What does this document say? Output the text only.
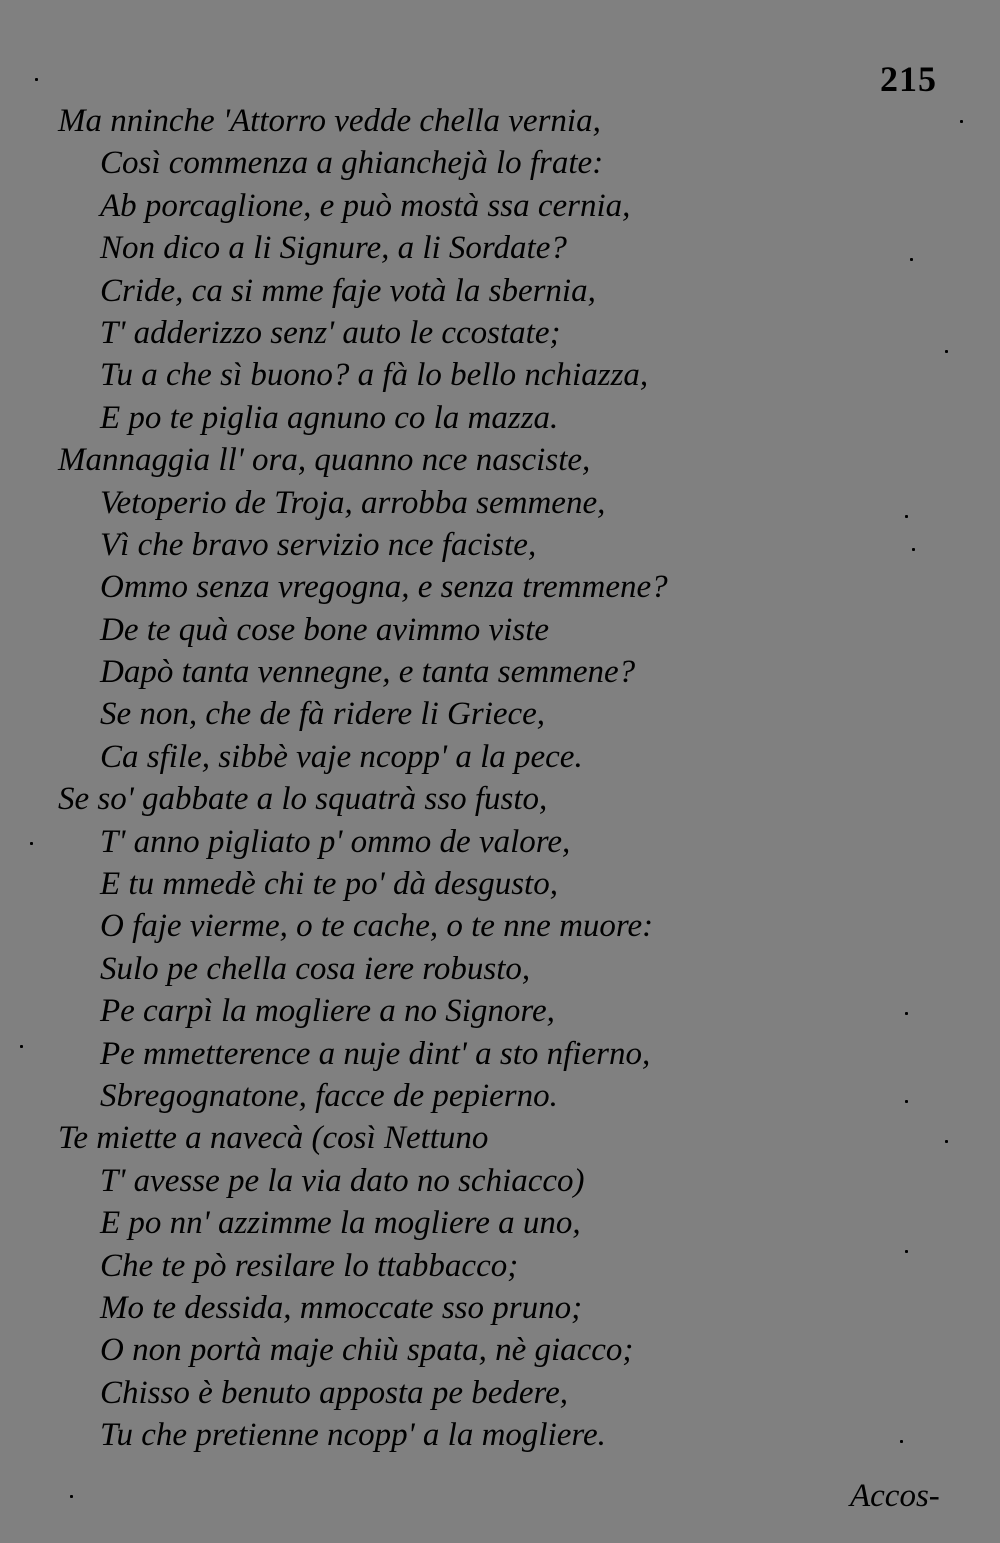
215
Ma nninche 'Attorro vedde chella vernia,
Così commenza a ghianchejà lo frate:
Ab porcaglione, e può mostà ssa cernia,
Non dico a li Signure, a li Sordate?
Cride, ca si mme faje votà la sbernia,
T' adderizzo senz' auto le ccostate;
Tu a che sì buono? a fà lo bello nchiazza,
E po te piglia agnuno co la mazza.
Mannaggia ll' ora, quanno nce nasciste,
Vetoperio de Troja, arrobba semmene,
Vì che bravo servizio nce faciste,
Ommo senza vregogna, e senza tremmene?
De te quà cose bone avimmo viste
Dapò tanta vennegne, e tanta semmene?
Se non, che de fà ridere li Griece,
Ca sfile, sibbè vaje ncopp' a la pece.
Se so' gabbate a lo squatrà sso fusto,
T' anno pigliato p' ommo de valore,
E tu mmedè chi te po' dà desgusto,
O faje vierme, o te cache, o te nne muore:
Sulo pe chella cosa iere robusto,
Pe carpì la mogliere a no Signore,
Pe mmetterence a nuje dint' a sto nfierno,
Sbregognatone, facce de pepierno.
Te miette a navecà (così Nettuno
T' avesse pe la via dato no schiacco)
E po nn' azzimme la mogliere a uno,
Che te pò resilare lo ttabbacco;
Mo te dessida, mmoccate sso pruno;
O non portà maje chiù spata, nè giacco;
Chisso è benuto apposta pe bedere,
Tu che pretienne ncopp' a la mogliere.
Accos-
